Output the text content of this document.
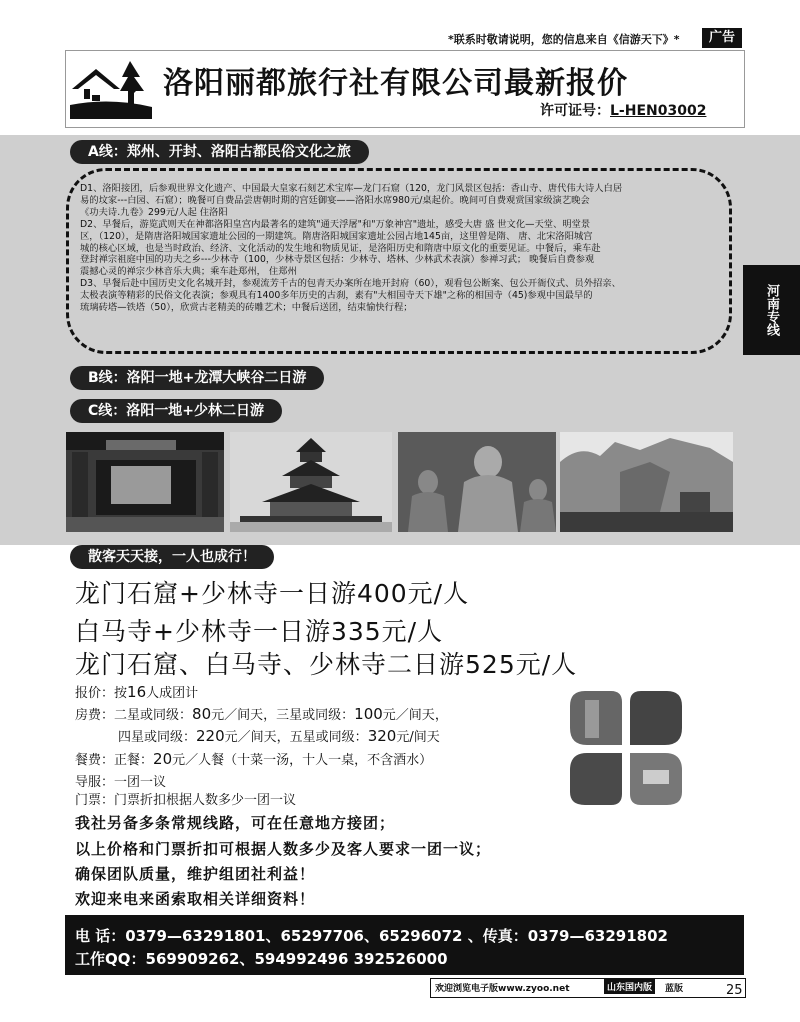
*联系时敬请说明，您的信息来自《信游天下》*	广告
洛阳丽都旅行社有限公司最新报价
许可证号：L-HEN03002
A线：郑州、开封、洛阳古都民俗文化之旅
D1、洛阳接团，后参观世界文化遗产、中国最大皇家石刻艺术宝库—龙门石窟（120，龙门风景区包括：香山寺、唐代伟大诗人白居
易的坟家---白园、石窟）；晚餐可自费品尝唐朝时期的宫廷御宴——洛阳水席980元/桌起价。晚间可自费观赏国家级演艺晚会
《功夫诗.九卷》299元/人起 住洛阳
D2、早餐后，游览武则天在神都洛阳皇宫内最著名的建筑"通天浮屠"和"万象神宫"遗址，感受大唐 盛 世文化—天堂、明堂景
区，（120），是隋唐洛阳城国家遗址公园的一期建筑。隋唐洛阳城国家遗址公园占地145亩，这里曾是隋、 唐、北宋洛阳城宫
城的核心区域，也是当时政治、经济、文化活动的发生地和物质见证，是洛阳历史和隋唐中原文化的重要见证。中餐后，乘车赴
登封禅宗祖庭中国的功夫之乡---少林寺（100，少林寺景区包括：少林寺、塔林、少林武术表演）参禅习武； 晚餐后自费参观
震撼心灵的禅宗少林音乐大典；乘车赴郑州， 住郑州
D3、早餐后赴中国历史文化名城开封，参观流芳千古的包青天办案所在地开封府（60），观看包公断案、包公开衙仪式、员外招亲、
太极表演等精彩的民俗文化表演；参观具有1400多年历史的古刹，素有"大相国寺天下雄"之称的相国寺（45)参观中国最早的
琉璃砖塔—铁塔（50），欣赏古老精美的砖雕艺术；中餐后送团，结束愉快行程；	河南专线
B线：洛阳一地+龙潭大峡谷二日游
C线：洛阳一地+少林二日游
散客天天接，一人也成行！
龙门石窟+少林寺一日游400元/人
白马寺+少林寺一日游335元/人
龙门石窟、白马寺、少林寺二日游525元/人
报价：按16人成团计
房费：二星或同级：80元／间天，三星或同级：100元／间天，
四星或同级：220元／间天，五星或同级：320元/间天
餐费：正餐：20元／人餐（十菜一汤，十人一桌，不含酒水）
导服：一团一议
门票：门票折扣根据人数多少一团一议
我社另备多条常规线路，可在任意地方接团；
以上价格和门票折扣可根据人数多少及客人要求一团一议；
确保团队质量，维护组团社利益！
欢迎来电来函索取相关详细资料！
电 话：0379—63291801、65297706、65296072 、传真：0379—63291802
工作QQ：569909262、594992496 392526000
欢迎浏览电子版www.zyoo.net	山东国内版	蓝版	25
